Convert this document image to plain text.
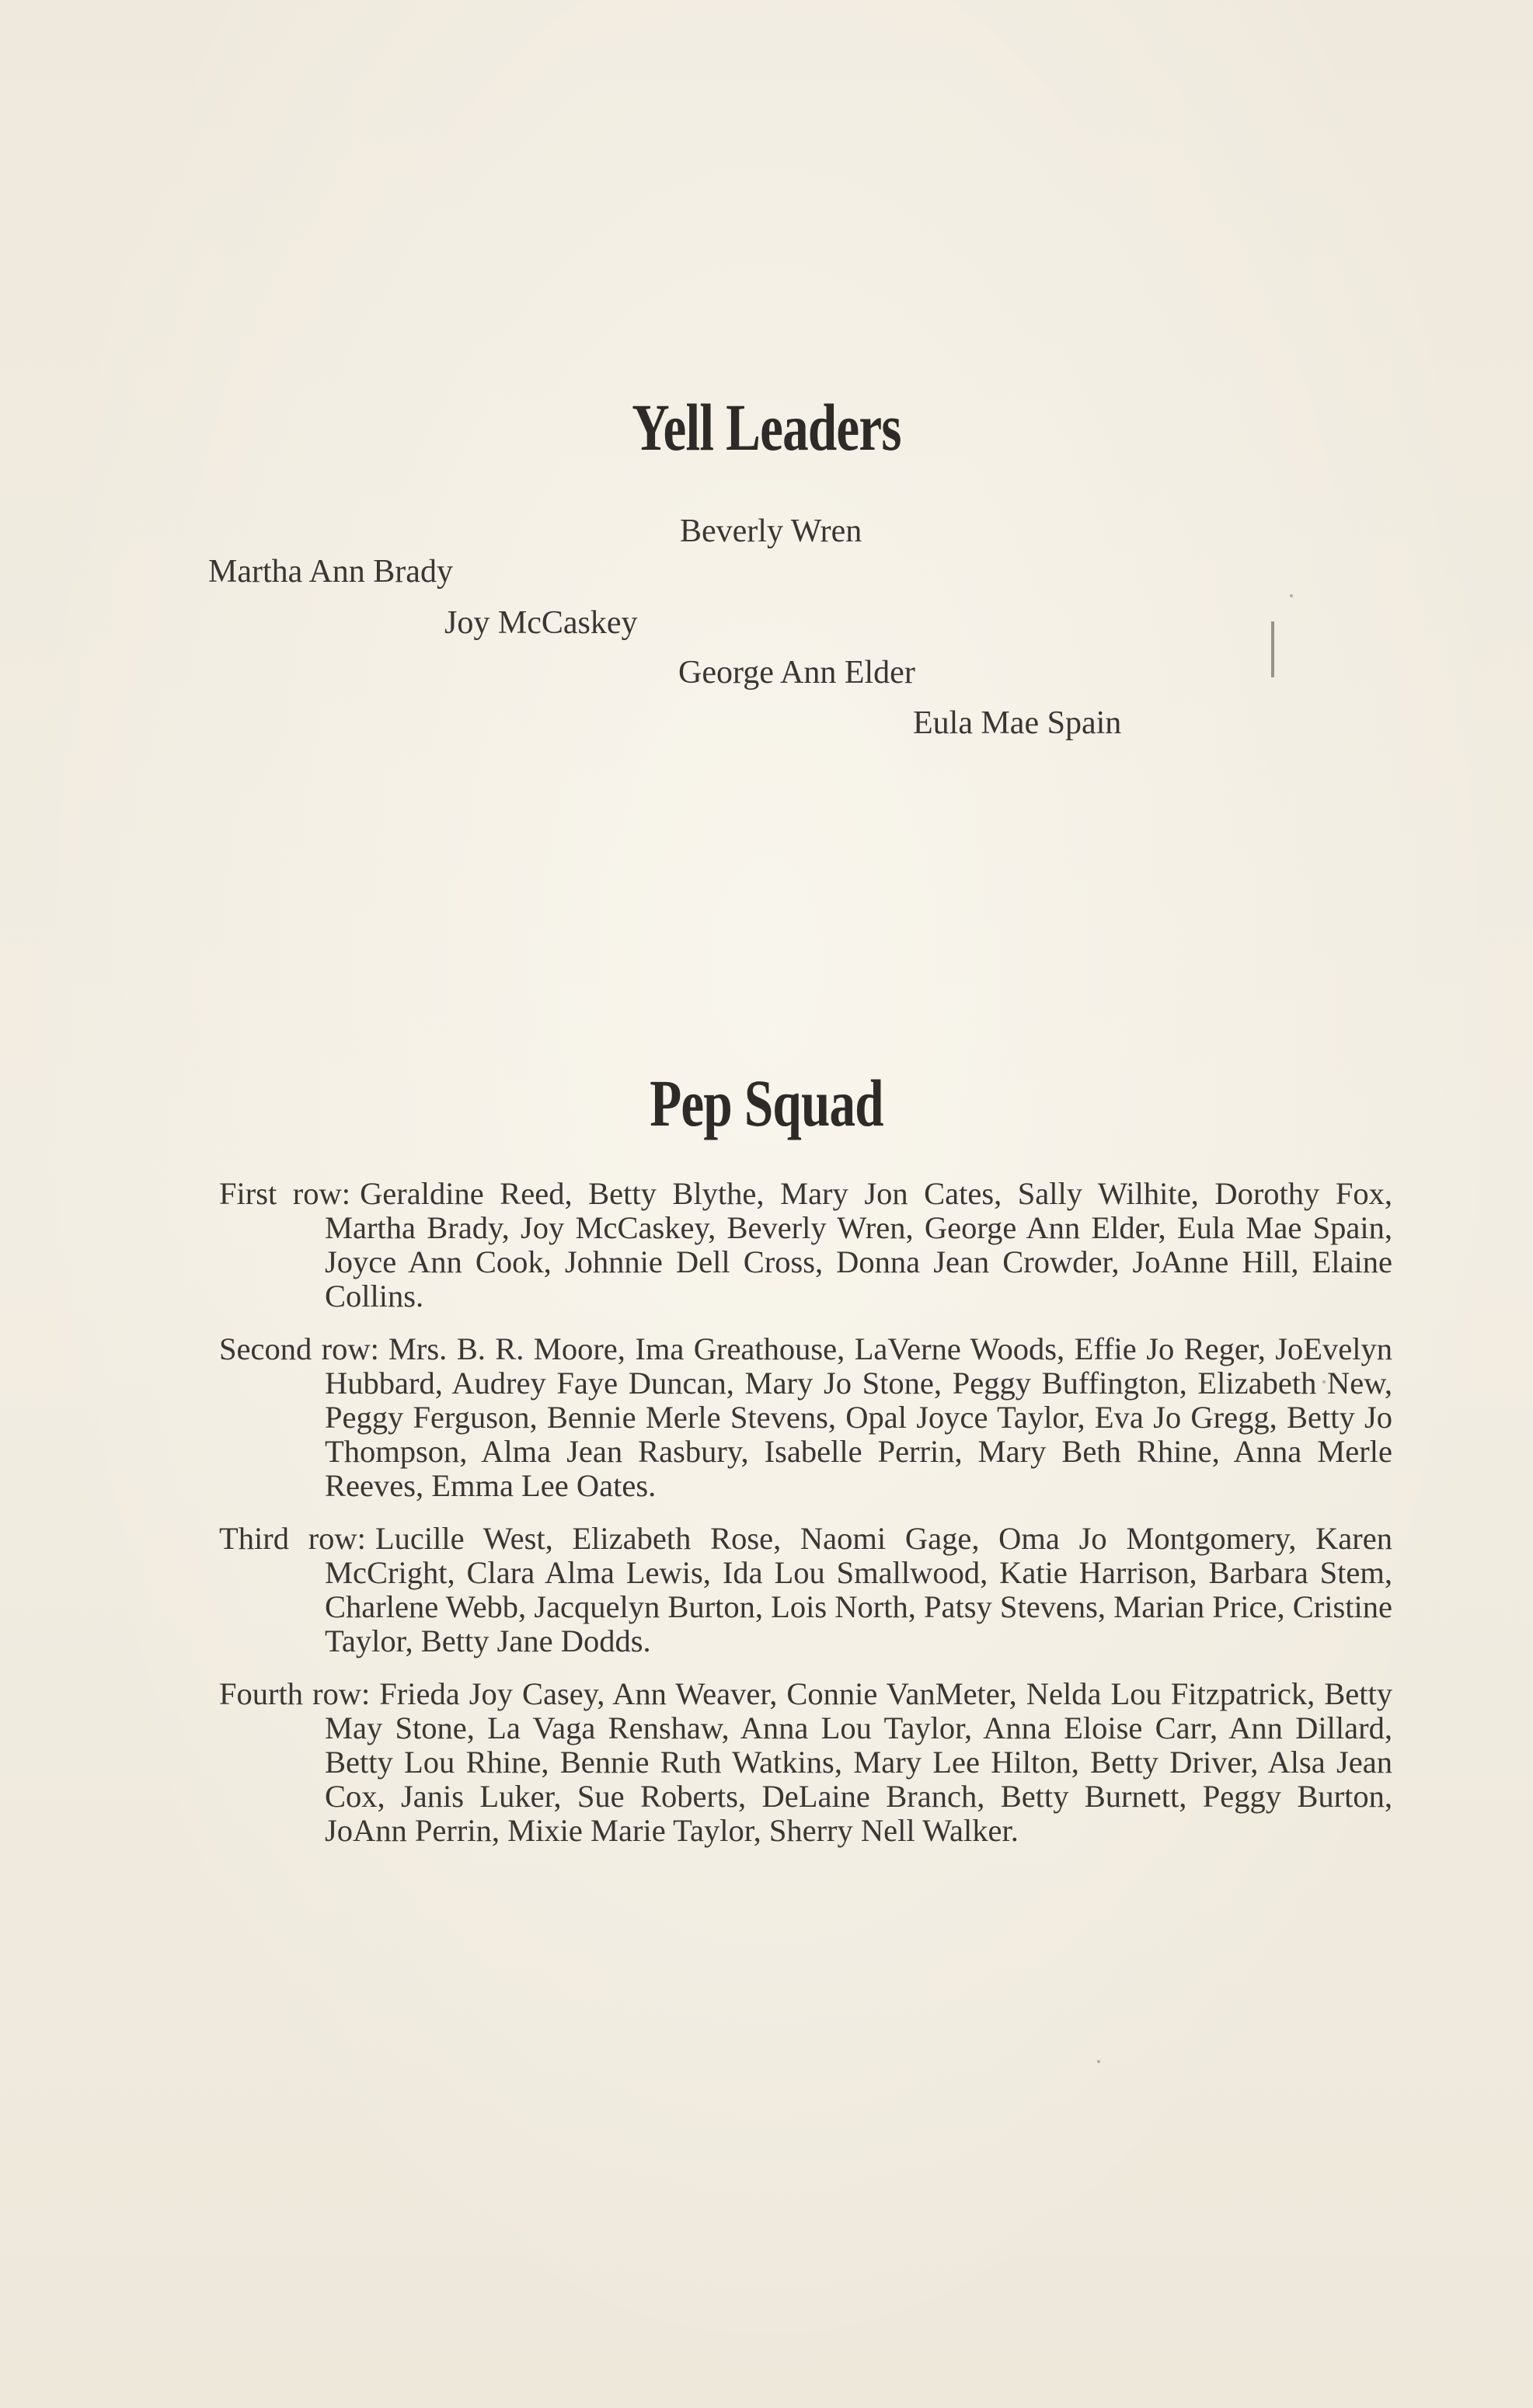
Yell Leaders
Beverly Wren
Martha Ann Brady
Joy McCaskey
George Ann Elder
Eula Mae Spain
Pep Squad

First row: Geraldine Reed, Betty Blythe, Mary Jon Cates, Sally Wilhite, Dorothy Fox, Martha Brady, Joy McCaskey, Beverly Wren, George Ann Elder, Eula Mae Spain, Joyce Ann Cook, Johnnie Dell Cross, Donna Jean Crowder, JoAnne Hill, Elaine Collins.

Second row: Mrs. B. R. Moore, Ima Greathouse, LaVerne Woods, Effie Jo Reger, JoEvelyn Hubbard, Audrey Faye Duncan, Mary Jo Stone, Peggy Buffington, Elizabeth New, Peggy Ferguson, Bennie Merle Stevens, Opal Joyce Taylor, Eva Jo Gregg, Betty Jo Thompson, Alma Jean Rasbury, Isabelle Perrin, Mary Beth Rhine, Anna Merle Reeves, Emma Lee Oates.

Third row: Lucille West, Elizabeth Rose, Naomi Gage, Oma Jo Montgomery, Karen McCright, Clara Alma Lewis, Ida Lou Smallwood, Katie Harrison, Barbara Stem, Charlene Webb, Jacquelyn Burton, Lois North, Patsy Stevens, Marian Price, Cristine Taylor, Betty Jane Dodds.

Fourth row: Frieda Joy Casey, Ann Weaver, Connie VanMeter, Nelda Lou Fitzpatrick, Betty May Stone, La Vaga Renshaw, Anna Lou Taylor, Anna Eloise Carr, Ann Dillard, Betty Lou Rhine, Bennie Ruth Watkins, Mary Lee Hilton, Betty Driver, Alsa Jean Cox, Janis Luker, Sue Roberts, DeLaine Branch, Betty Burnett, Peggy Burton, JoAnn Perrin, Mixie Marie Taylor, Sherry Nell Walker.
